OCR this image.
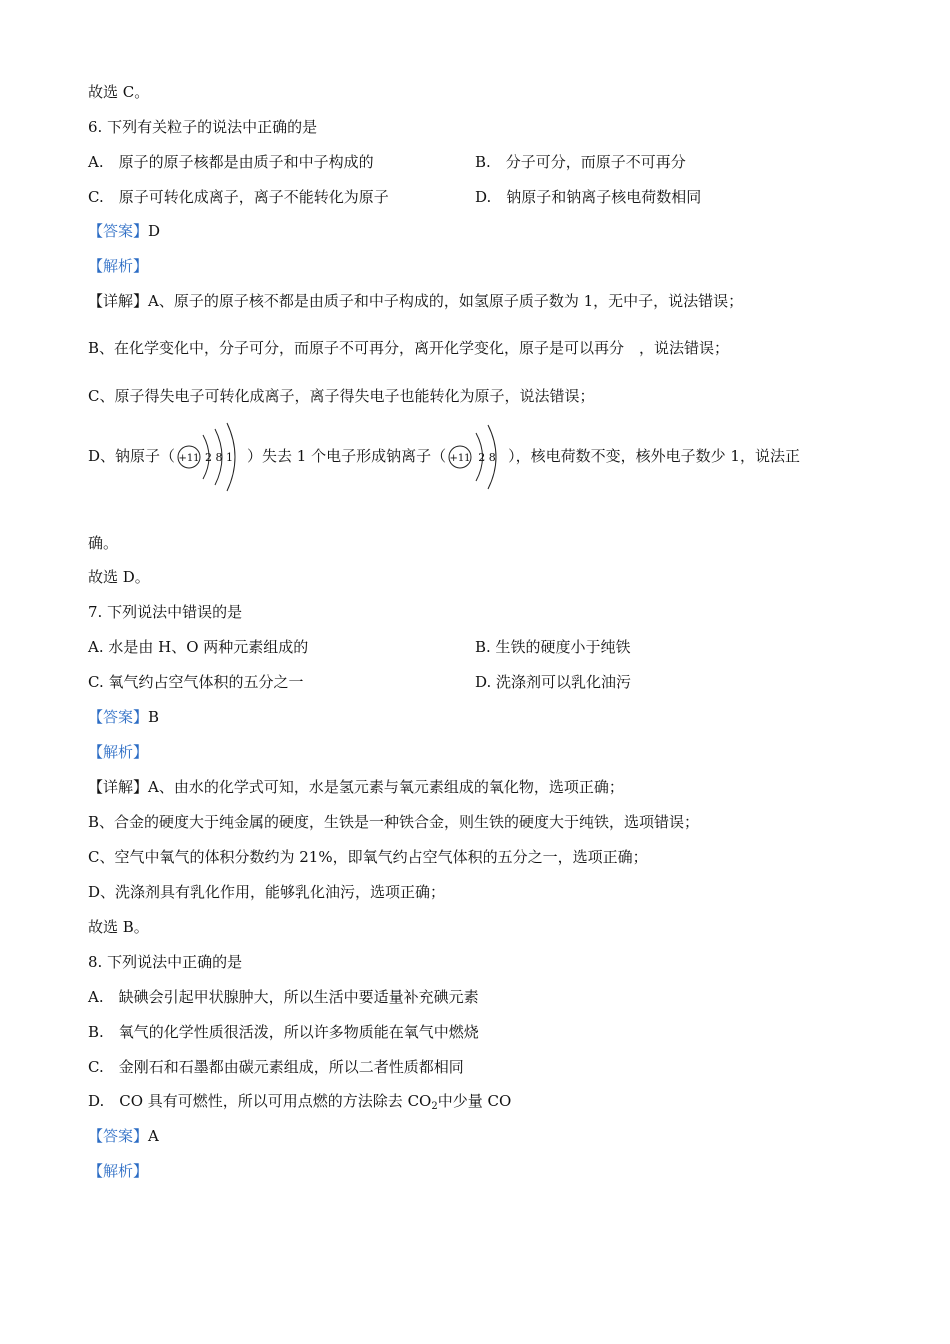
故选 C。
6. 下列有关粒子的说法中正确的是
A.　原子的原子核都是由质子和中子构成的	B.　分子可分，而原子不可再分
C.　原子可转化成离子，离子不能转化为原子	D.　钠原子和钠离子核电荷数相同
【答案】D
【解析】
【详解】A、原子的原子核不都是由质子和中子构成的，如氢原子质子数为 1，无中子，说法错误；
B、在化学变化中，分子可分，而原子不可再分，离开化学变化，原子是可以再分　，说法错误；
C、原子得失电子可转化成离子，离子得失电子也能转化为原子，说法错误；
D、钠原子（ +11 2 8 1 ）失去 1 个电子形成钠离子（ +11 2 8 ），核电荷数不变，核外电子数少 1，说法正
确。
故选 D。
7. 下列说法中错误的是
A. 水是由 H、O 两种元素组成的	B. 生铁的硬度小于纯铁
C. 氧气约占空气体积的五分之一	D. 洗涤剂可以乳化油污
【答案】B
【解析】
【详解】A、由水的化学式可知，水是氢元素与氧元素组成的氧化物，选项正确；
B、合金的硬度大于纯金属的硬度，生铁是一种铁合金，则生铁的硬度大于纯铁，选项错误；
C、空气中氧气的体积分数约为 21%，即氧气约占空气体积的五分之一，选项正确；
D、洗涤剂具有乳化作用，能够乳化油污，选项正确；
故选 B。
8. 下列说法中正确的是
A.　缺碘会引起甲状腺肿大，所以生活中要适量补充碘元素
B.　氧气的化学性质很活泼，所以许多物质能在氧气中燃烧
C.　金刚石和石墨都由碳元素组成，所以二者性质都相同
D.　CO 具有可燃性，所以可用点燃的方法除去 $CO_2$中少量 CO
【答案】A
【解析】
